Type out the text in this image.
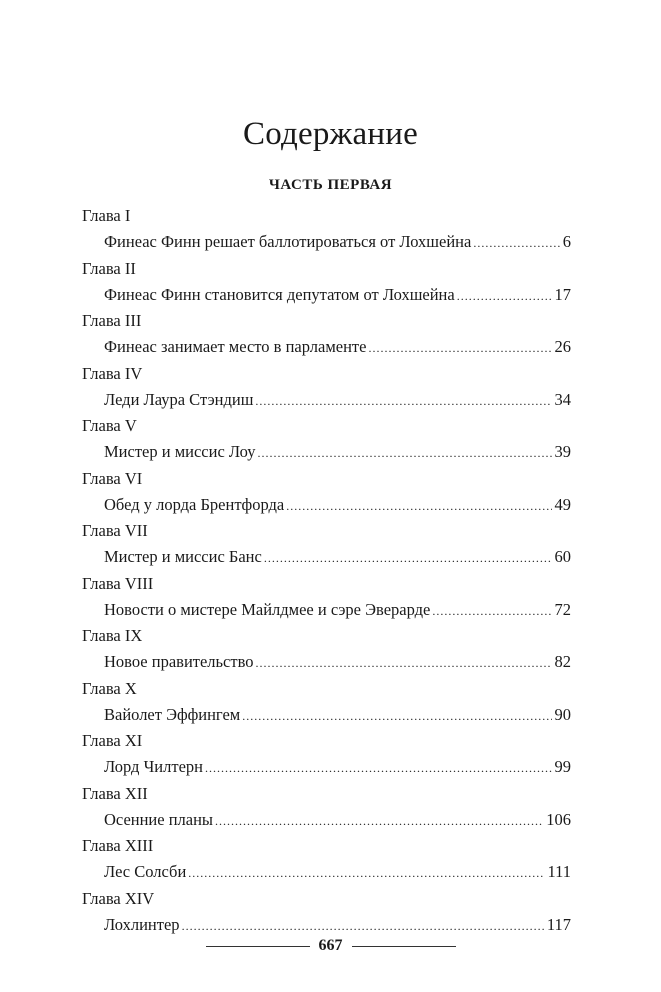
Содержание
ЧАСТЬ ПЕРВАЯ
Глава I
Финеас Финн решает баллотироваться от Лохшейна .....	6
Глава II
Финеас Финн становится депутатом от Лохшейна .....	17
Глава III
Финеас занимает место в парламенте .....	26
Глава IV
Леди Лаура Стэндиш .....	34
Глава V
Мистер и миссис Лоу .....	39
Глава VI
Обед у лорда Брентфорда .....	49
Глава VII
Мистер и миссис Банс .....	60
Глава VIII
Новости о мистере Майлдмее и сэре Эверарде .....	72
Глава IX
Новое правительство .....	82
Глава X
Вайолет Эффингем .....	90
Глава XI
Лорд Чилтерн .....	99
Глава XII
Осенние планы .....	106
Глава XIII
Лес Солсби .....	111
Глава XIV
Лохлинтер .....	117
667
